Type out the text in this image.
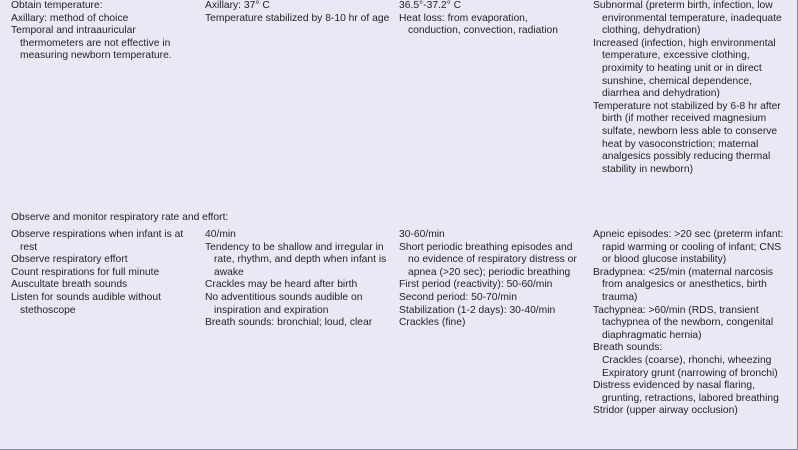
Obtain temperature:

Axillary: method of choice

Temporal and intraauricular thermometers are not effective in measuring newborn temperature.

Axillary: 37° C

Temperature stabilized by 8-10 hr of age

36.5°-37.2° C

Heat loss: from evaporation, conduction, convection, radiation

Subnormal (preterm birth, infection, low environmental temperature, inadequate clothing, dehydration)

Increased (infection, high environmental temperature, excessive clothing, proximity to heating unit or in direct sunshine, chemical dependence, diarrhea and dehydration)

Temperature not stabilized by 6-8 hr after birth (if mother received magnesium sulfate, newborn less able to conserve heat by vasoconstriction; maternal analgesics possibly reducing thermal stability in newborn)

Observe and monitor respiratory rate and effort:

Observe respirations when infant is at rest

Observe respiratory effort

Count respirations for full minute

Auscultate breath sounds

Listen for sounds audible without stethoscope

40/min

Tendency to be shallow and irregular in rate, rhythm, and depth when infant is awake

Crackles may be heard after birth

No adventitious sounds audible on inspiration and expiration

Breath sounds: bronchial; loud, clear

30-60/min

Short periodic breathing episodes and no evidence of respiratory distress or apnea (>20 sec); periodic breathing

First period (reactivity): 50-60/min

Second period: 50-70/min

Stabilization (1-2 days): 30-40/min

Crackles (fine)

Apneic episodes: >20 sec (preterm infant: rapid warming or cooling of infant; CNS or blood glucose instability)

Bradypnea: <25/min (maternal narcosis from analgesics or anesthetics, birth trauma)

Tachypnea: >60/min (RDS, transient tachypnea of the newborn, congenital diaphragmatic hernia)

Breath sounds:

Crackles (coarse), rhonchi, wheezing

Expiratory grunt (narrowing of bronchi)

Distress evidenced by nasal flaring, grunting, retractions, labored breathing

Stridor (upper airway occlusion)
